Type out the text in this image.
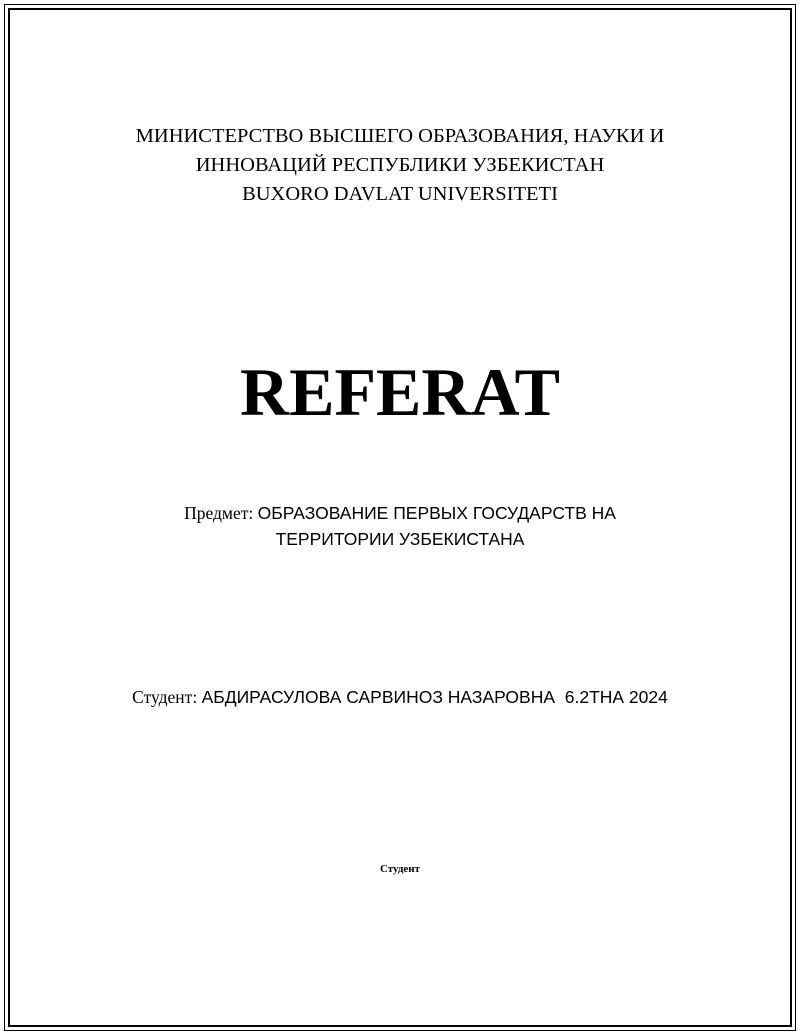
МИНИСТЕРСТВО ВЫСШЕГО ОБРАЗОВАНИЯ, НАУКИ И
ИННОВАЦИЙ РЕСПУБЛИКИ УЗБЕКИСТАН
BUXORO DAVLAT UNIVERSITETI
REFERAT
Предмет: ОБРАЗОВАНИЕ ПЕРВЫХ ГОСУДАРСТВ НА
ТЕРРИТОРИИ УЗБЕКИСТАНА
Студент: АБДИРАСУЛОВА САРВИНОЗ НАЗАРОВНА  6.2ТНА 2024
Студент
